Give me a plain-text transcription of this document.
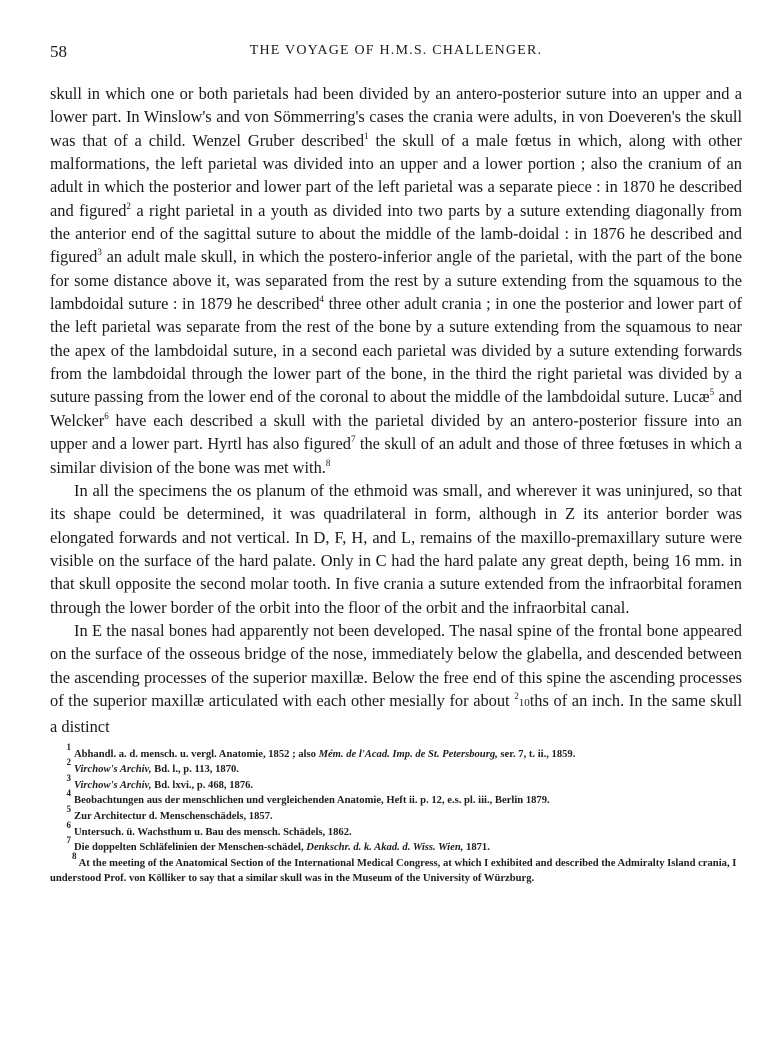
58	THE VOYAGE OF H.M.S. CHALLENGER.

skull in which one or both parietals had been divided by an antero-posterior suture into an upper and a lower part. In Winslow's and von Sömmerring's cases the crania were adults, in von Doeveren's the skull was that of a child. Wenzel Gruber described$^1$ the skull of a male fœtus in which, along with other malformations, the left parietal was divided into an upper and a lower portion ; also the cranium of an adult in which the posterior and lower part of the left parietal was a separate piece : in 1870 he described and figured$^2$ a right parietal in a youth as divided into two parts by a suture extending diagonally from the anterior end of the sagittal suture to about the middle of the lamb-doidal : in 1876 he described and figured$^3$ an adult male skull, in which the postero-inferior angle of the parietal, with the part of the bone for some distance above it, was separated from the rest by a suture extending from the squamous to the lambdoidal suture : in 1879 he described$^4$ three other adult crania ; in one the posterior and lower part of the left parietal was separate from the rest of the bone by a suture extending from the squamous to near the apex of the lambdoidal suture, in a second each parietal was divided by a suture extending forwards from the lambdoidal through the lower part of the bone, in the third the right parietal was divided by a suture passing from the lower end of the coronal to about the middle of the lambdoidal suture. Lucæ$^5$ and Welcker$^6$ have each described a skull with the parietal divided by an antero-posterior fissure into an upper and a lower part. Hyrtl has also figured$^7$ the skull of an adult and those of three fœtuses in which a similar division of the bone was met with.$^8$

In all the specimens the os planum of the ethmoid was small, and wherever it was uninjured, so that its shape could be determined, it was quadrilateral in form, although in Z its anterior border was elongated forwards and not vertical. In D, F, H, and L, remains of the maxillo-premaxillary suture were visible on the surface of the hard palate. Only in C had the hard palate any great depth, being 16 mm. in that skull opposite the second molar tooth. In five crania a suture extended from the infraorbital foramen through the lower border of the orbit into the floor of the orbit and the infraorbital canal.

In E the nasal bones had apparently not been developed. The nasal spine of the frontal bone appeared on the surface of the osseous bridge of the nose, immediately below the glabella, and descended between the ascending processes of the superior maxillæ. Below the free end of this spine the ascending processes of the superior maxillæ articulated with each other mesially for about $^2$10ths of an inch. In the same skull a distinct

$^1$Abhandl. a. d. mensch. u. vergl. Anatomie, 1852 ; also Mém. de l'Acad. Imp. de St. Petersbourg, ser. 7, t. ii., 1859.
$^2$Virchow's Archiv, Bd. l., p. 113, 1870.
$^3$Virchow's Archiv, Bd. lxvi., p. 468, 1876.
$^4$Beobachtungen aus der menschlichen und vergleichenden Anatomie, Heft ii. p. 12, e.s. pl. iii., Berlin 1879.
$^5$Zur Architectur d. Menschenschädels, 1857.
$^6$Untersuch. ü. Wachsthum u. Bau des mensch. Schädels, 1862.
$^7$Die doppelten Schläfelinien der Menschen-schädel, Denkschr. d. k. Akad. d. Wiss. Wien, 1871.
$^8$ At the meeting of the Anatomical Section of the International Medical Congress, at which I exhibited and described the Admiralty Island crania, I understood Prof. von Kölliker to say that a similar skull was in the Museum of the University of Würzburg.
